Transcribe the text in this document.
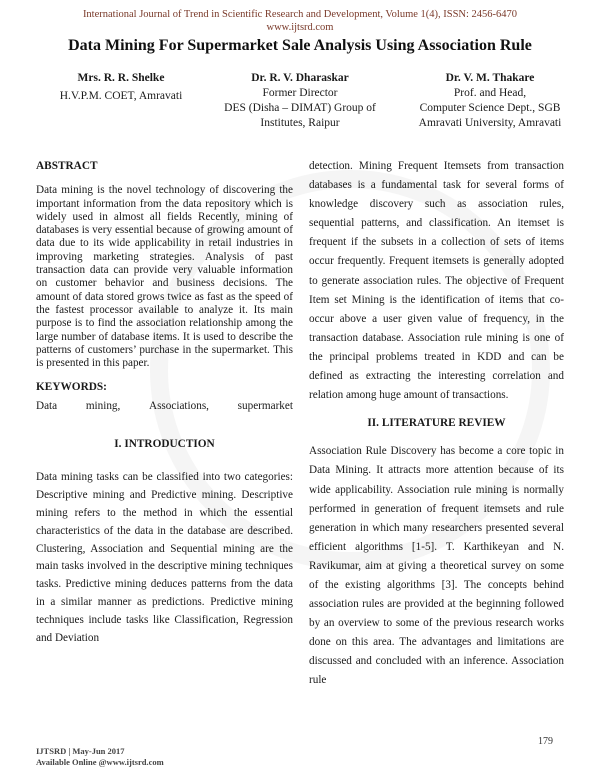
International Journal of Trend in Scientific Research and Development, Volume 1(4), ISSN: 2456-6470
www.ijtsrd.com
Data Mining For Supermarket Sale Analysis Using Association Rule
Mrs. R. R. Shelke
H.V.P.M. COET, Amravati
Dr. R. V. Dharaskar
Former Director
DES (Disha – DIMAT) Group of
Institutes, Raipur
Dr. V. M. Thakare
Prof. and Head,
Computer Science Dept., SGB
Amravati University, Amravati
ABSTRACT

Data mining is the novel technology of discovering the important information from the data repository which is widely used in almost all fields Recently, mining of databases is very essential because of growing amount of data due to its wide applicability in retail industries in improving marketing strategies. Analysis of past transaction data can provide very valuable information on customer behavior and business decisions. The amount of data stored grows twice as fast as the speed of the fastest processor available to analyze it. Its main purpose is to find the association relationship among the large number of database items. It is used to describe the patterns of customers’ purchase in the supermarket. This is presented in this paper.

KEYWORDS:
Data	mining,	Associations,	supermarket
I. INTRODUCTION

Data mining tasks can be classified into two categories: Descriptive mining and Predictive mining. Descriptive mining refers to the method in which the essential characteristics of the data in the database are described. Clustering, Association and Sequential mining are the main tasks involved in the descriptive mining techniques tasks. Predictive mining deduces patterns from the data in a similar manner as predictions. Predictive mining techniques include tasks like Classification, Regression and Deviation

detection. Mining Frequent Itemsets from transaction databases is a fundamental task for several forms of knowledge discovery such as association rules, sequential patterns, and classification. An itemset is frequent if the subsets in a collection of sets of items occur frequently. Frequent itemsets is generally adopted to generate association rules. The objective of Frequent Item set Mining is the identification of items that co-occur above a user given value of frequency, in the transaction database. Association rule mining is one of the principal problems treated in KDD and can be defined as extracting the interesting correlation and relation among huge amount of transactions.

II. LITERATURE REVIEW

Association Rule Discovery has become a core topic in Data Mining. It attracts more attention because of its wide applicability. Association rule mining is normally performed in generation of frequent itemsets and rule generation in which many researchers presented several efficient algorithms [1-5]. T. Karthikeyan and N. Ravikumar, aim at giving a theoretical survey on some of the existing algorithms [3]. The concepts behind association rules are provided at the beginning followed by an overview to some of the previous research works done on this area. The advantages and limitations are discussed and concluded with an inference. Association rule

179
IJTSRD | May-Jun 2017
Available Online @www.ijtsrd.com
